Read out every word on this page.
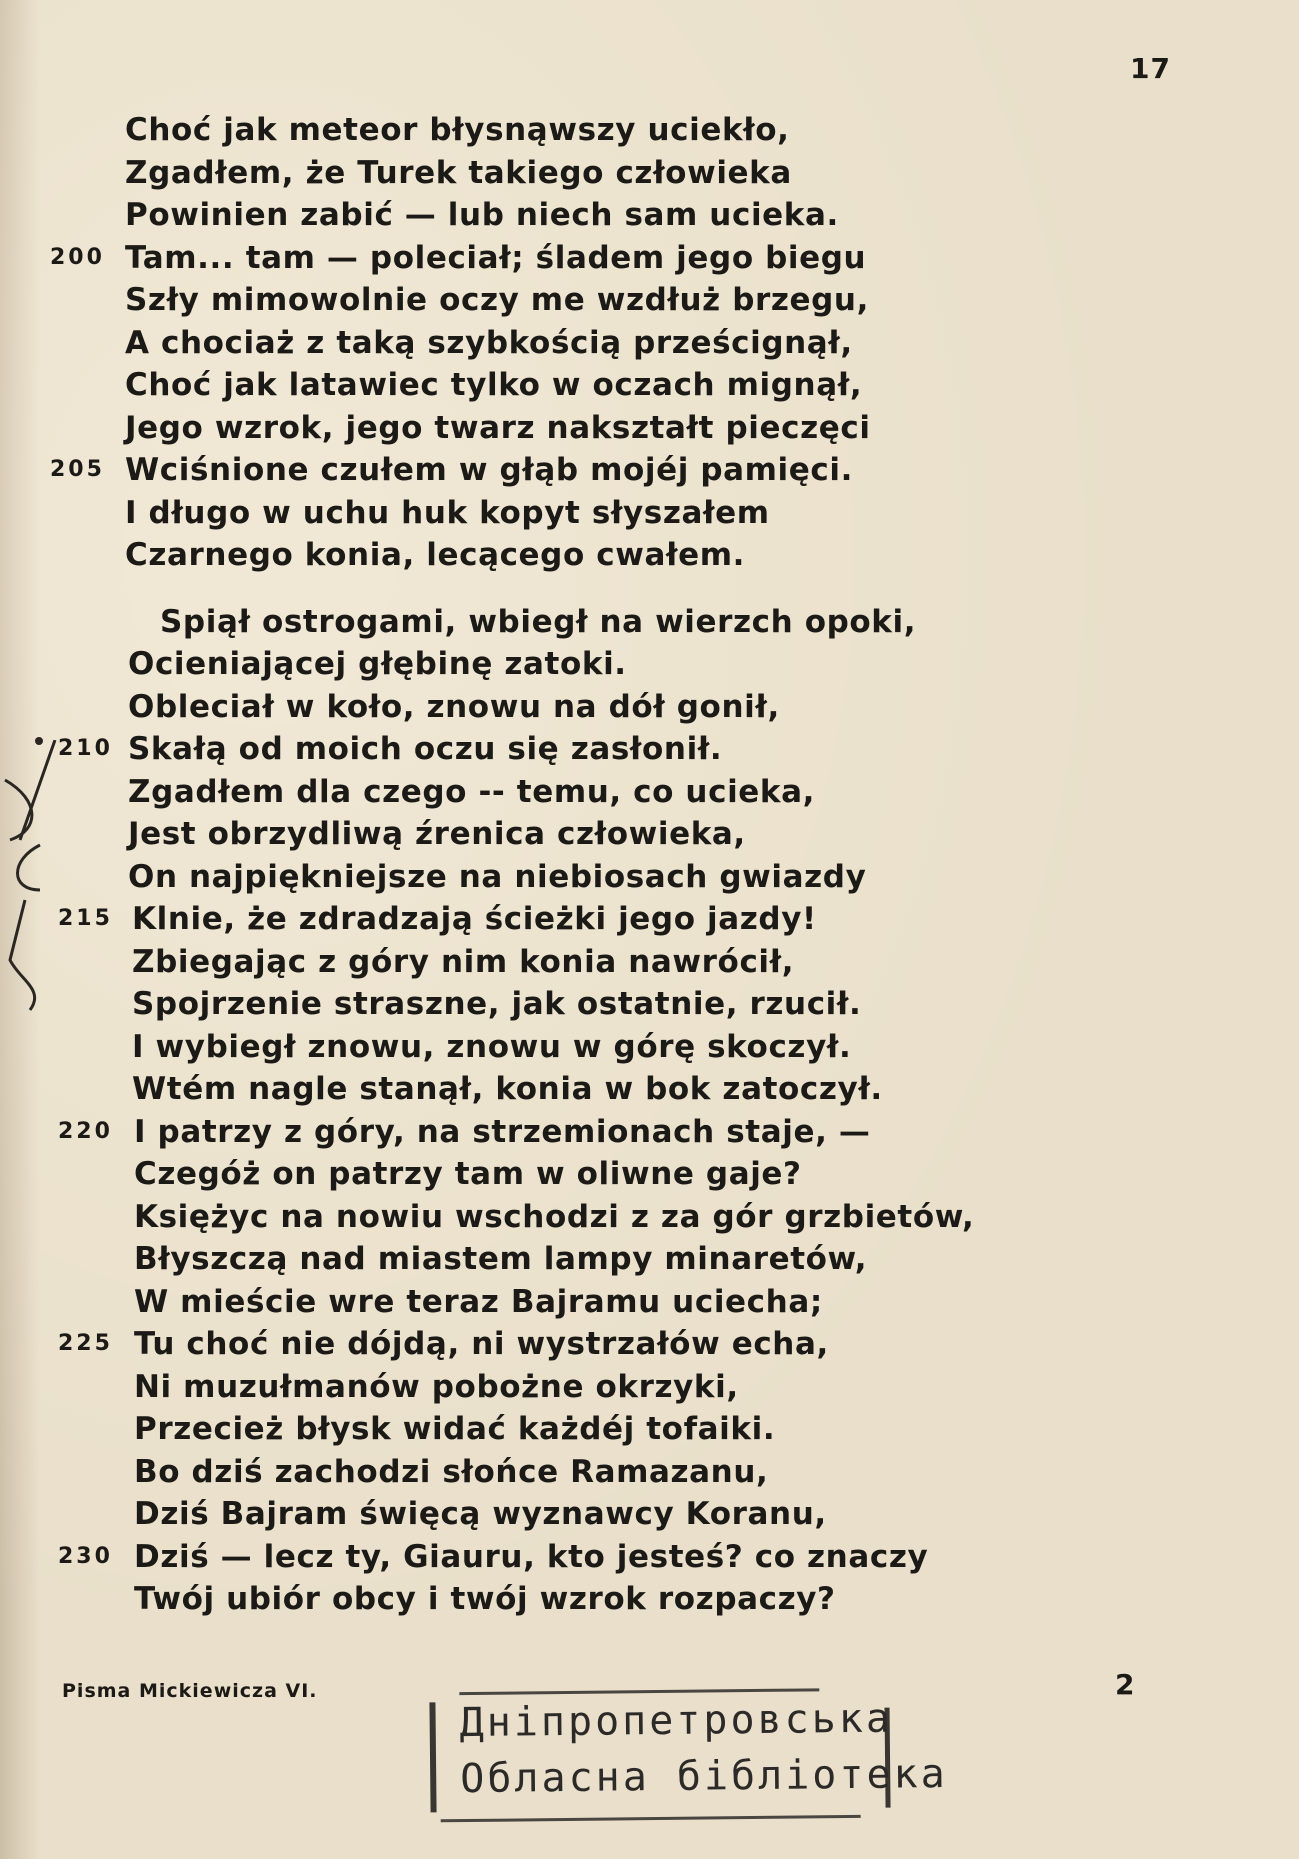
17
Choć jak meteor błysnąwszy uciekło,
Zgadłem, że Turek takiego człowieka
Powinien zabić — lub niech sam ucieka.
Tam... tam — poleciał; śladem jego biegu
200
Szły mimowolnie oczy me wzdłuż brzegu,
A chociaż z taką szybkością prześcignął,
Choć jak latawiec tylko w oczach mignął,
Jego wzrok, jego twarz nakształt pieczęci
Wciśnione czułem w głąb mojéj pamięci.
205
I długo w uchu huk kopyt słyszałem
Czarnego konia, lecącego cwałem.
Spiął ostrogami, wbiegł na wierzch opoki,
Ocieniającej głębinę zatoki.
Obleciał w koło, znowu na dół gonił,
Skałą od moich oczu się zasłonił.
210
Zgadłem dla czego -- temu, co ucieka,
Jest obrzydliwą źrenica człowieka,
On najpiękniejsze na niebiosach gwiazdy
Klnie, że zdradzają ścieżki jego jazdy!
215
Zbiegając z góry nim konia nawrócił,
Spojrzenie straszne, jak ostatnie, rzucił.
I wybiegł znowu, znowu w górę skoczył.
Wtém nagle stanął, konia w bok zatoczył.
I patrzy z góry, na strzemionach staje, —
220
Czegóż on patrzy tam w oliwne gaje?
Księżyc na nowiu wschodzi z za gór grzbietów,
Błyszczą nad miastem lampy minaretów,
W mieście wre teraz Bajramu uciecha;
Tu choć nie dójdą, ni wystrzałów echa,
225
Ni muzułmanów pobożne okrzyki,
Przecież błysk widać każdéj tofaiki.
Bo dziś zachodzi słońce Ramazanu,
Dziś Bajram święcą wyznawcy Koranu,
Dziś — lecz ty, Giauru, kto jesteś? co znaczy
230
Twój ubiór obcy i twój wzrok rozpaczy?
Pisma Mickiewicza VI.	2
Дніпропетровська
Обласна бібліотека
